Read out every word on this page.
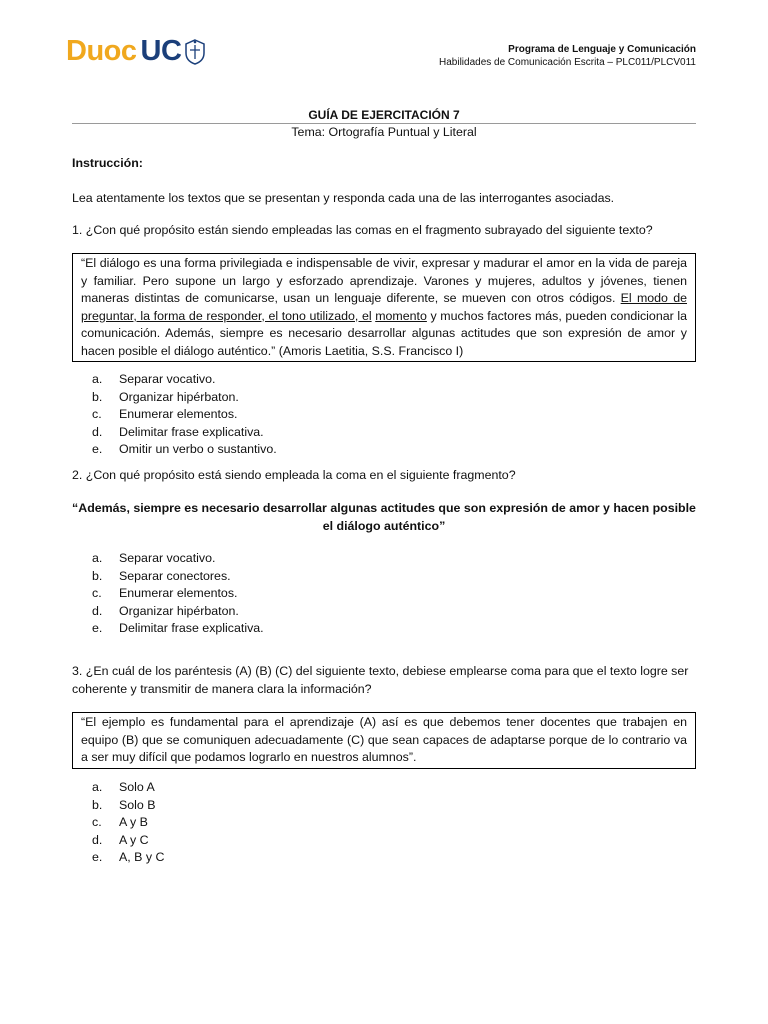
Duoc UC	Programa de Lenguaje y Comunicación
Habilidades de Comunicación Escrita – PLC011/PLCV011
GUÍA DE EJERCITACIÓN 7
Tema: Ortografía Puntual y Literal
Instrucción:
Lea atentamente los textos que se presentan y responda cada una de las interrogantes asociadas.
1. ¿Con qué propósito están siendo empleadas las comas en el fragmento subrayado del siguiente texto?
“El diálogo es una forma privilegiada e indispensable de vivir, expresar y madurar el amor en la vida de pareja y familiar. Pero supone un largo y esforzado aprendizaje. Varones y mujeres, adultos y jóvenes, tienen maneras distintas de comunicarse, usan un lenguaje diferente, se mueven con otros códigos. El modo de preguntar, la forma de responder, el tono utilizado, el momento y muchos factores más, pueden condicionar la comunicación. Además, siempre es necesario desarrollar algunas actitudes que son expresión de amor y hacen posible el diálogo auténtico.” (Amoris Laetitia, S.S. Francisco I)
a.	Separar vocativo.
b.	Organizar hipérbaton.
c.	Enumerar elementos.
d.	Delimitar frase explicativa.
e.	Omitir un verbo o sustantivo.
2. ¿Con qué propósito está siendo empleada la coma en el siguiente fragmento?
“Además, siempre es necesario desarrollar algunas actitudes que son expresión de amor y hacen posible el diálogo auténtico”
a.	Separar vocativo.
b.	Separar conectores.
c.	Enumerar elementos.
d.	Organizar hipérbaton.
e.	Delimitar frase explicativa.
3. ¿En cuál de los paréntesis (A) (B) (C) del siguiente texto, debiese emplearse coma para que el texto logre ser coherente y transmitir de manera clara la información?
“El ejemplo es fundamental para el aprendizaje (A) así es que debemos tener docentes que trabajen en equipo (B) que se comuniquen adecuadamente (C) que sean capaces de adaptarse porque de lo contrario va a ser muy difícil que podamos lograrlo en nuestros alumnos”.
a.	Solo A
b.	Solo B
c.	A y B
d.	A y C
e.	A, B y C
